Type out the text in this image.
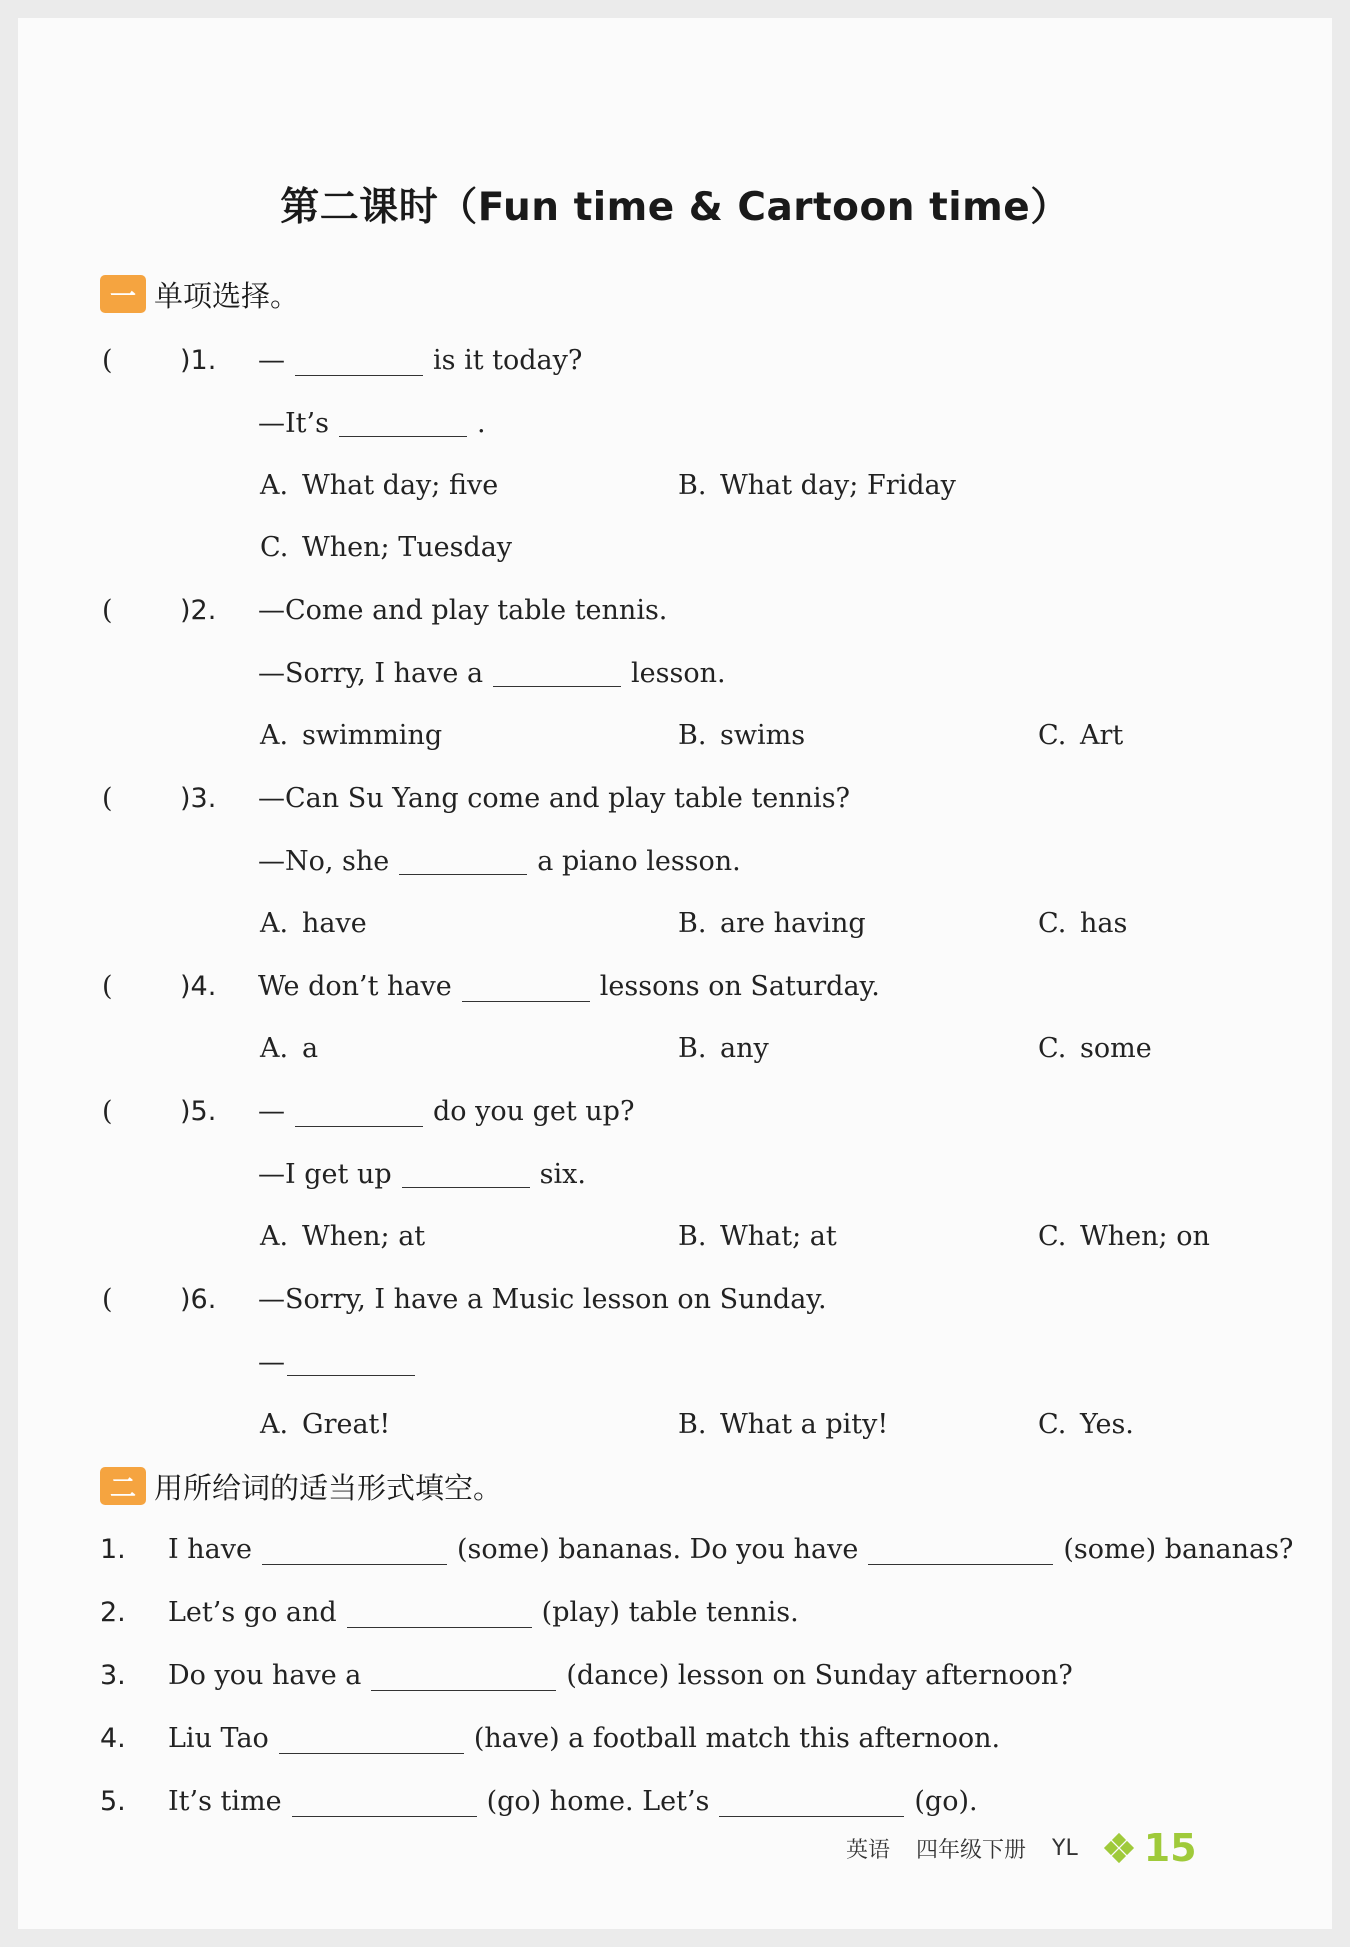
第二课时（Fun time & Cartoon time）
一 单项选择。
( )1. —	is it today?
—It’s	.
A. What day; five	B. What day; Friday
C. When; Tuesday
( )2. —Come and play table tennis.
—Sorry, I have a	lesson.
A. swimming	B. swims	C. Art
( )3. —Can Su Yang come and play table tennis?
—No, she	a piano lesson.
A. have	B. are having	C. has
( )4. We don’t have	lessons on Saturday.
A. a	B. any	C. some
( )5. —	do you get up?
—I get up	six.
A. When; at	B. What; at	C. When; on
( )6. —Sorry, I have a Music lesson on Sunday.
—
A. Great!	B. What a pity!	C. Yes.
二 用所给词的适当形式填空。
1. I have	(some) bananas. Do you have	(some) bananas?
2. Let’s go and	(play) table tennis.
3. Do you have a	(dance) lesson on Sunday afternoon?
4. Liu Tao	(have) a football match this afternoon.
5. It’s time	(go) home. Let’s	(go).
英语 四年级下册 YL 15
